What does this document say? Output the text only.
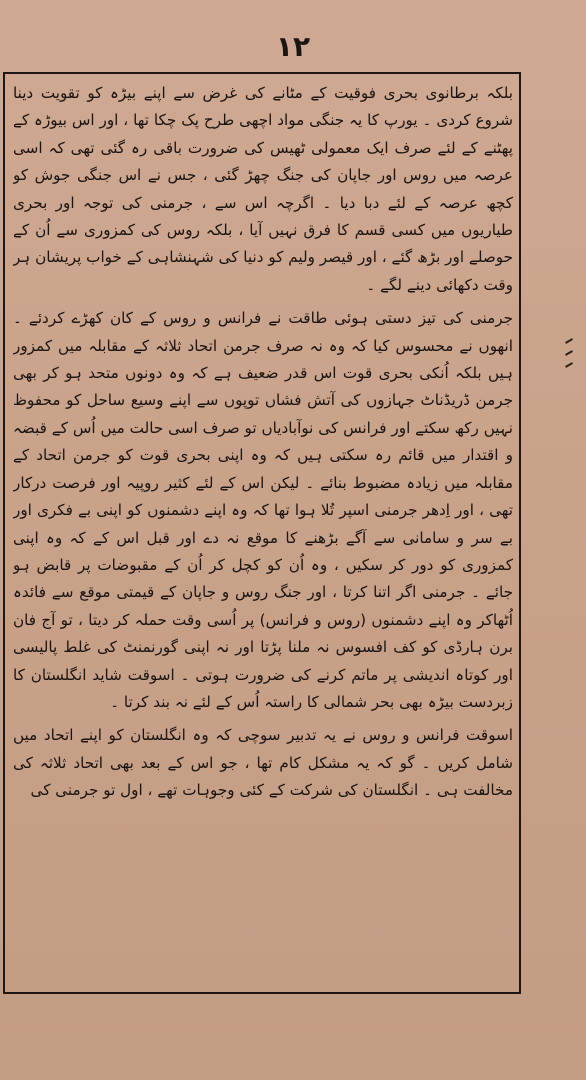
۱۲

بلکہ برطانوی بحری فوقیت کے مٹانے کی غرض سے اپنے بیڑہ کو تقویت دینا شروع کردی ۔ یورپ کا یہ جنگی مواد اچھی طرح پک چکا تھا ، اور اس بیوڑہ کے پھٹنے کے لئے صرف ایک معمولی ٹھیس کی ضرورت باقی رہ گئی تھی کہ اسی عرصہ میں روس اور جاپان کی جنگ چھڑ گئی ، جس نے اس جنگی جوش کو کچھ عرصہ کے لئے دبا دیا ۔ اگرچہ اس سے ، جرمنی کی توجہ اور بحری طیاریوں میں کسی قسم کا فرق نہیں آیا ، بلکہ روس کی کمزوری سے اُن کے حوصلے اور بڑھ گئے ، اور قیصر ولیم کو دنیا کی شہنشاہی کے خواب پریشان ہر وقت دکھائی دینے لگے ۔

جرمنی کی تیز دستی ہوئی طاقت نے فرانس و روس کے کان کھڑے کردئے ۔ انھوں نے محسوس کیا کہ وہ نہ صرف جرمن اتحاد ثلاثہ کے مقابلہ میں کمزور ہیں بلکہ اُنکی بحری قوت اس قدر ضعیف ہے کہ وہ دونوں متحد ہو کر بھی جرمن ڈریڈناٹ جہازوں کی آتش فشاں توپوں سے اپنے وسیع ساحل کو محفوظ نہیں رکھ سکتے اور فرانس کی نوآبادیاں تو صرف اسی حالت میں اُس کے قبضہ و اقتدار میں قائم رہ سکتی ہیں کہ وہ اپنی بحری قوت کو جرمن اتحاد کے مقابلہ میں زیادہ مضبوط بنائے ۔ لیکن اس کے لئے کثیر روپیہ اور فرصت درکار تھی ، اور اِدھر جرمنی اسپر تُلا ہوا تھا کہ وہ اپنے دشمنوں کو اپنی بے فکری اور بے سر و سامانی سے آگے بڑھنے کا موقع نہ دے اور قبل اس کے کہ وہ اپنی کمزوری کو دور کر سکیں ، وہ اُن کو کچل کر اُن کے مقبوضات پر قابض ہو جائے ۔ جرمنی اگر اتنا کرتا ، اور جنگ روس و جاپان کے قیمتی موقع سے فائدہ اُٹھاکر وہ اپنے دشمنوں (روس و فرانس) پر اُسی وقت حملہ کر دیتا ، تو آج فان برن ہارڈی کو کف افسوس نہ ملنا پڑتا اور نہ اپنی گورنمنٹ کی غلط پالیسی اور کوتاہ اندیشی پر ماتم کرنے کی ضرورت ہوتی ۔ اسوقت شاید انگلستان کا زبردست بیڑہ بھی بحر شمالی کا راستہ اُس کے لئے نہ بند کرتا ۔

اسوقت فرانس و روس نے یہ تدبیر سوچی کہ وہ انگلستان کو اپنے اتحاد میں شامل کریں ۔ گو کہ یہ مشکل کام تھا ، جو اس کے بعد بھی اتحاد ثلاثہ کی مخالفت ہی ۔ انگلستان کی شرکت کے کئی وجوہات تھے ، اول تو جرمنی کی
